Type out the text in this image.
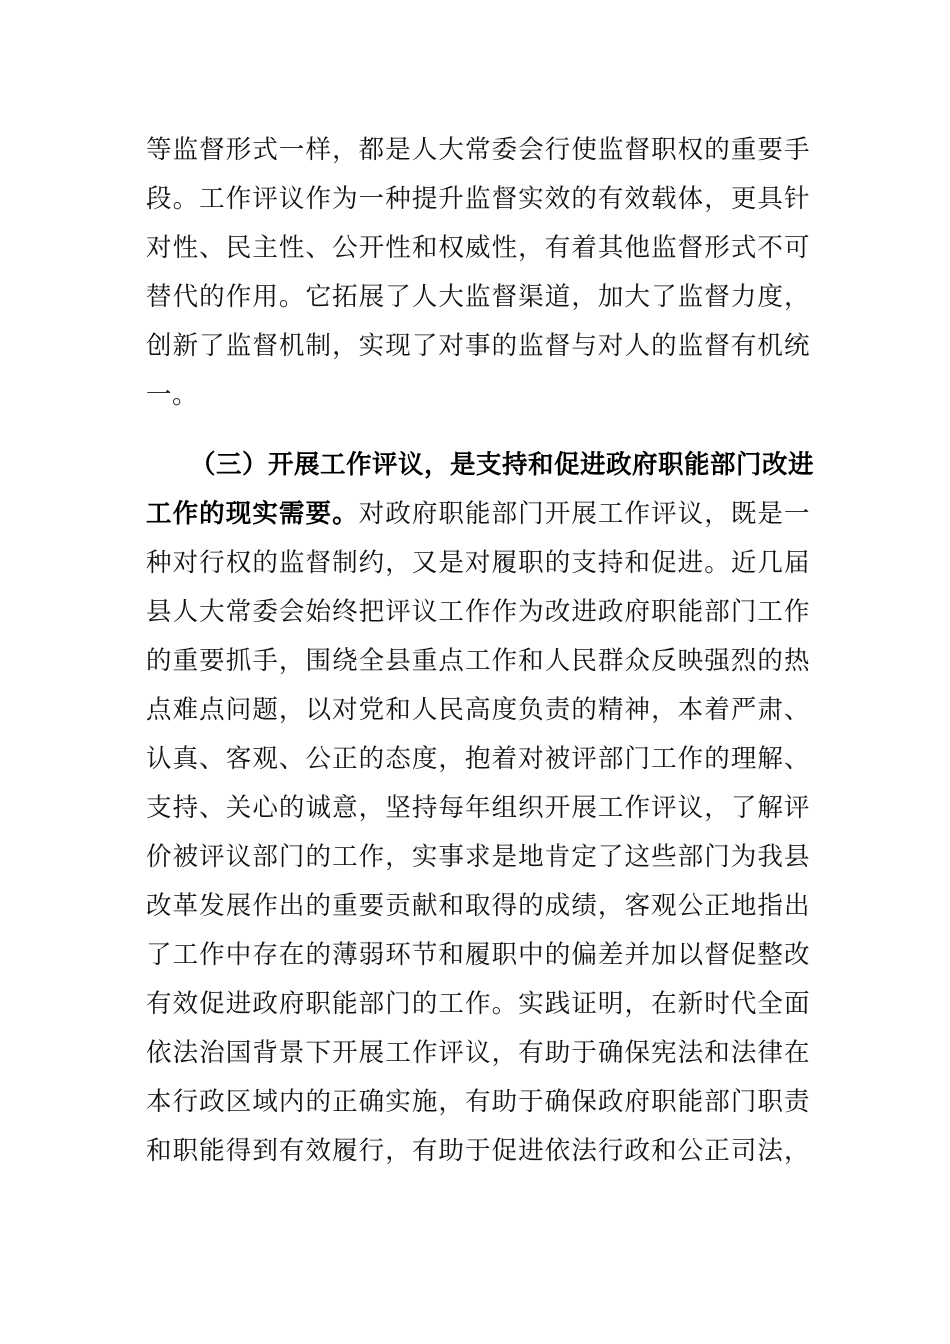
等监督形式一样，都是人大常委会行使监督职权的重要手
段。工作评议作为一种提升监督实效的有效载体，更具针
对性、民主性、公开性和权威性，有着其他监督形式不可
替代的作用。它拓展了人大监督渠道，加大了监督力度，
创新了监督机制，实现了对事的监督与对人的监督有机统
一。
（三）开展工作评议，是支持和促进政府职能部门改进
工作的现实需要。对政府职能部门开展工作评议，既是一
种对行权的监督制约，又是对履职的支持和促进。近几届
县人大常委会始终把评议工作作为改进政府职能部门工作
的重要抓手，围绕全县重点工作和人民群众反映强烈的热
点难点问题，以对党和人民高度负责的精神，本着严肃、
认真、客观、公正的态度，抱着对被评部门工作的理解、
支持、关心的诚意，坚持每年组织开展工作评议，了解评
价被评议部门的工作，实事求是地肯定了这些部门为我县
改革发展作出的重要贡献和取得的成绩，客观公正地指出
了工作中存在的薄弱环节和履职中的偏差并加以督促整改
有效促进政府职能部门的工作。实践证明，在新时代全面
依法治国背景下开展工作评议，有助于确保宪法和法律在
本行政区域内的正确实施，有助于确保政府职能部门职责
和职能得到有效履行，有助于促进依法行政和公正司法，
